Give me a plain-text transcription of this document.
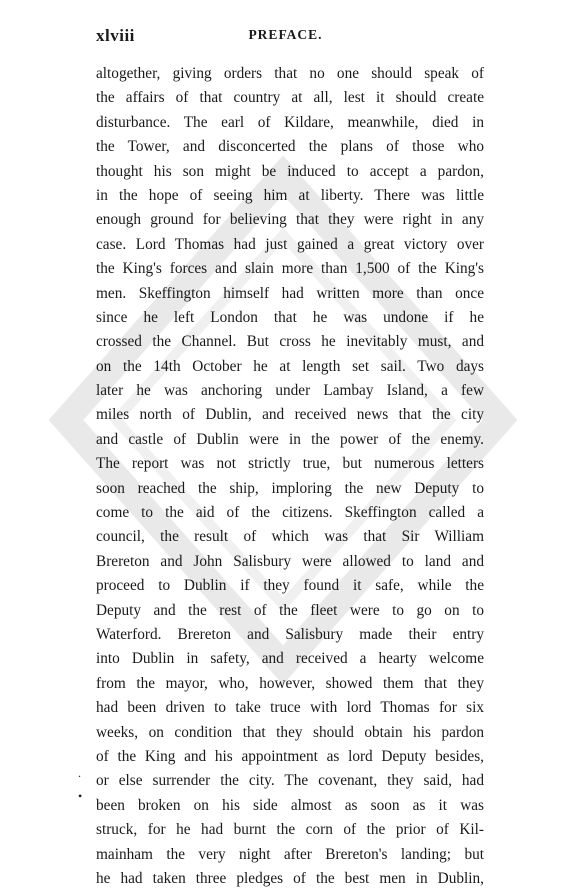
xlviii	PREFACE.
altogether, giving orders that no one should speak of
the affairs of that country at all, lest it should create
disturbance. The earl of Kildare, meanwhile, died in
the Tower, and disconcerted the plans of those who
thought his son might be induced to accept a pardon,
in the hope of seeing him at liberty. There was little
enough ground for believing that they were right in any
case. Lord Thomas had just gained a great victory over
the King's forces and slain more than 1,500 of the King's
men. Skeffington himself had written more than once
since he left London that he was undone if he
crossed the Channel. But cross he inevitably must, and
on the 14th October he at length set sail. Two days
later he was anchoring under Lambay Island, a few
miles north of Dublin, and received news that the city
and castle of Dublin were in the power of the enemy.
The report was not strictly true, but numerous letters
soon reached the ship, imploring the new Deputy to
come to the aid of the citizens. Skeffington called a
council, the result of which was that Sir William
Brereton and John Salisbury were allowed to land and
proceed to Dublin if they found it safe, while the
Deputy and the rest of the fleet were to go on to
Waterford. Brereton and Salisbury made their entry
into Dublin in safety, and received a hearty welcome
from the mayor, who, however, showed them that they
had been driven to take truce with lord Thomas for six
weeks, on condition that they should obtain his pardon
of the King and his appointment as lord Deputy besides,
or else surrender the city. The covenant, they said, had
been broken on his side almost as soon as it was
struck, for he had burnt the corn of the prior of Kil-
mainham the very night after Brereton's landing; but
he had taken three pledges of the best men in Dublin,
.
•
